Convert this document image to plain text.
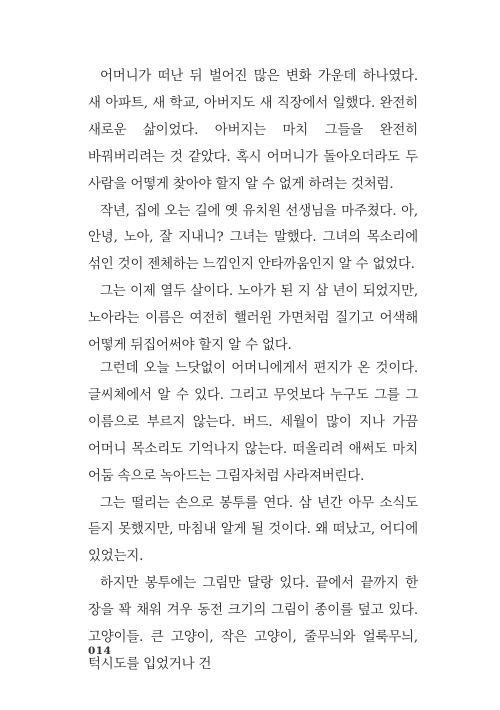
어머니가 떠난 뒤 벌어진 많은 변화 가운데 하나였다. 새 아파트, 새 학교, 아버지도 새 직장에서 일했다. 완전히 새로운 삶이었다. 아버지는 마치 그들을 완전히 바꿔버리려는 것 같았다. 혹시 어머니가 돌아오더라도 두 사람을 어떻게 찾아야 할지 알 수 없게 하려는 것처럼.

작년, 집에 오는 길에 옛 유치원 선생님을 마주쳤다. 아, 안녕, 노아, 잘 지내니? 그녀는 말했다. 그녀의 목소리에 섞인 것이 젠체하는 느낌인지 안타까움인지 알 수 없었다.

그는 이제 열두 살이다. 노아가 된 지 삼 년이 되었지만, 노아라는 이름은 여전히 핼러윈 가면처럼 질기고 어색해 어떻게 뒤집어써야 할지 알 수 없다.

그런데 오늘 느닷없이 어머니에게서 편지가 온 것이다. 글씨체에서 알 수 있다. 그리고 무엇보다 누구도 그를 그 이름으로 부르지 않는다. 버드. 세월이 많이 지나 가끔 어머니 목소리도 기억나지 않는다. 떠올리려 애써도 마치 어둠 속으로 녹아드는 그림자처럼 사라져버린다.

그는 떨리는 손으로 봉투를 연다. 삼 년간 아무 소식도 듣지 못했지만, 마침내 알게 될 것이다. 왜 떠났고, 어디에 있었는지.

하지만 봉투에는 그림만 달랑 있다. 끝에서 끝까지 한 장을 꽉 채워 겨우 동전 크기의 그림이 종이를 덮고 있다. 고양이들. 큰 고양이, 작은 고양이, 줄무늬와 얼룩무늬, 턱시도를 입었거나 건

014
